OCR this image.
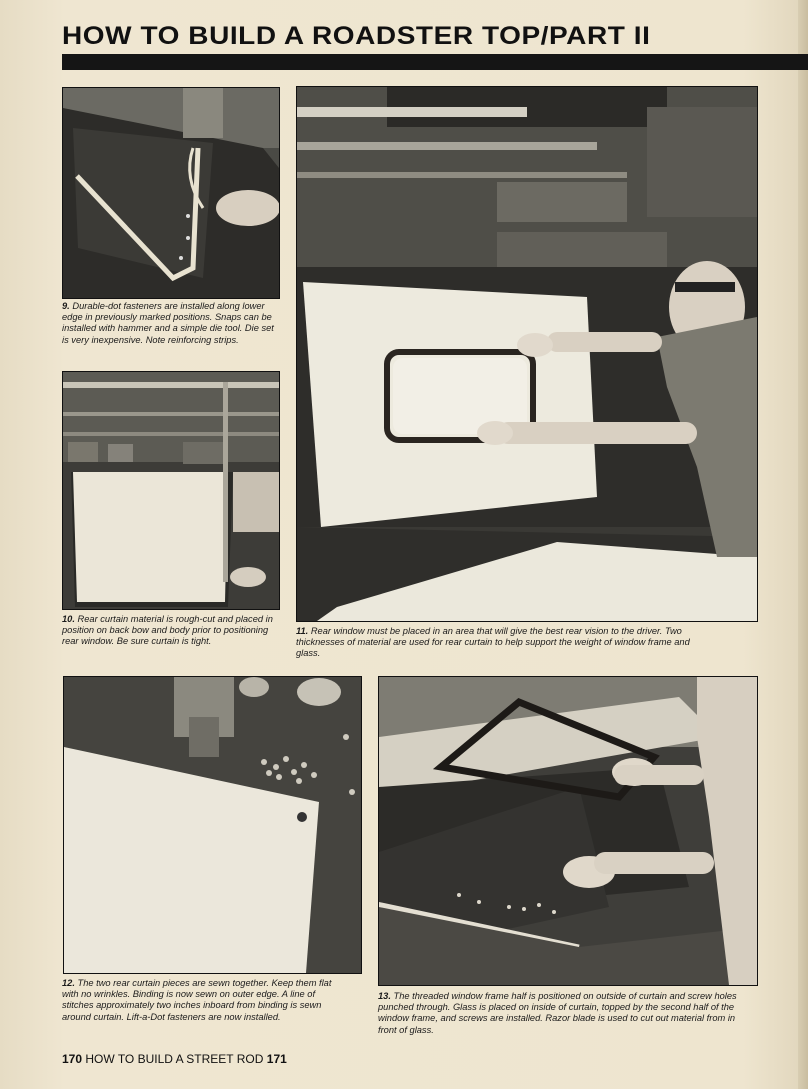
HOW TO BUILD A ROADSTER TOP/PART II
9. Durable-dot fasteners are installed along lower edge in previously marked positions. Snaps can be installed with hammer and a simple die tool. Die set is very inexpensive. Note reinforcing strips.
10. Rear curtain material is rough-cut and placed in position on back bow and body prior to positioning rear window. Be sure curtain is tight.
11. Rear window must be placed in an area that will give the best rear vision to the driver. Two thicknesses of material are used for rear curtain to help support the weight of window frame and glass.
12. The two rear curtain pieces are sewn together. Keep them flat with no wrinkles. Binding is now sewn on outer edge. A line of stitches approximately two inches inboard from binding is sewn around curtain. Lift-a-Dot fasteners are now installed.
13. The threaded window frame half is positioned on outside of curtain and screw holes punched through. Glass is placed on inside of curtain, topped by the second half of the window frame, and screws are installed. Razor blade is used to cut out material from in front of glass.
170 HOW TO BUILD A STREET ROD 171
